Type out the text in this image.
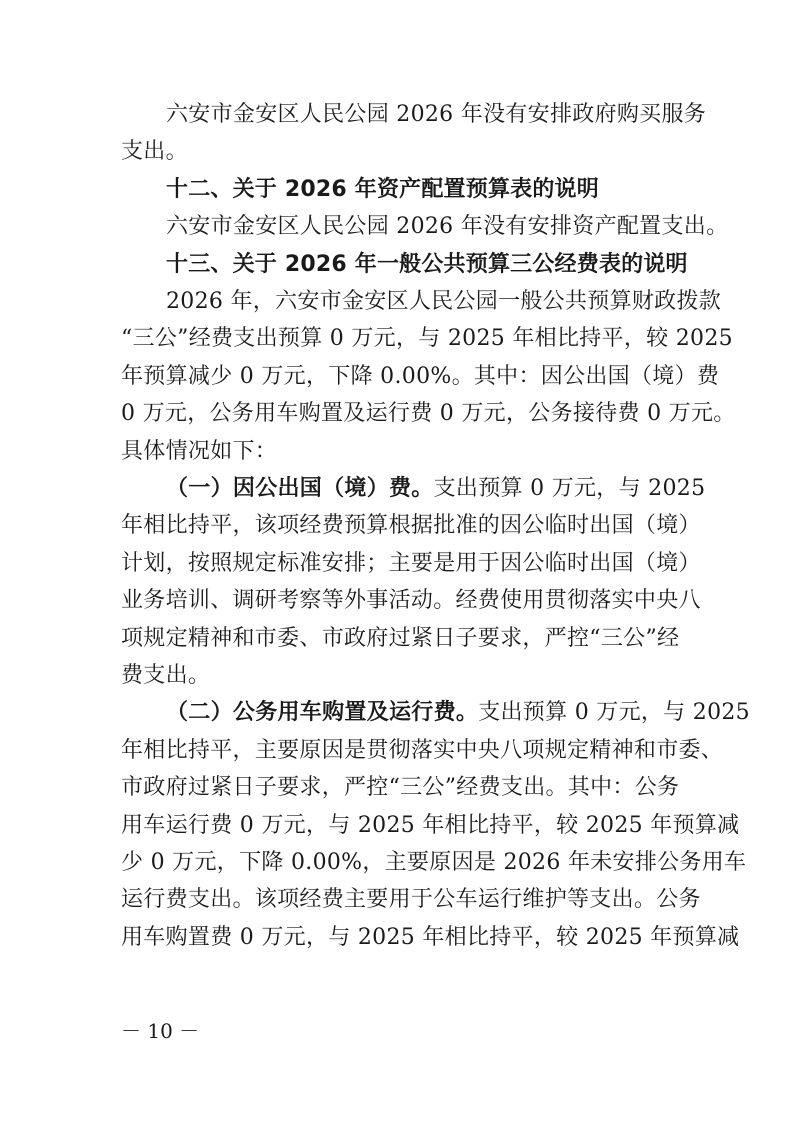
六安市金安区人民公园 2026 年没有安排政府购买服务
支出。
十二、关于 2026 年资产配置预算表的说明
六安市金安区人民公园 2026 年没有安排资产配置支出。
十三、关于 2026 年一般公共预算三公经费表的说明
2026 年，六安市金安区人民公园一般公共预算财政拨款
“三公”经费支出预算 0 万元，与 2025 年相比持平，较 2025
年预算减少 0 万元，下降 0.00%。其中：因公出国（境）费
0 万元，公务用车购置及运行费 0 万元，公务接待费 0 万元。
具体情况如下：
（一）因公出国（境）费。支出预算 0 万元，与 2025
年相比持平，该项经费预算根据批准的因公临时出国（境）
计划，按照规定标准安排；主要是用于因公临时出国（境）
业务培训、调研考察等外事活动。经费使用贯彻落实中央八
项规定精神和市委、市政府过紧日子要求，严控“三公”经
费支出。
（二）公务用车购置及运行费。支出预算 0 万元，与 2025
年相比持平，主要原因是贯彻落实中央八项规定精神和市委、
市政府过紧日子要求，严控“三公”经费支出。其中：公务
用车运行费 0 万元，与 2025 年相比持平，较 2025 年预算减
少 0 万元，下降 0.00%，主要原因是 2026 年未安排公务用车
－ 10 －
运行费支出。该项经费主要用于公车运行维护等支出。公务
用车购置费 0 万元，与 2025 年相比持平，较 2025 年预算减
